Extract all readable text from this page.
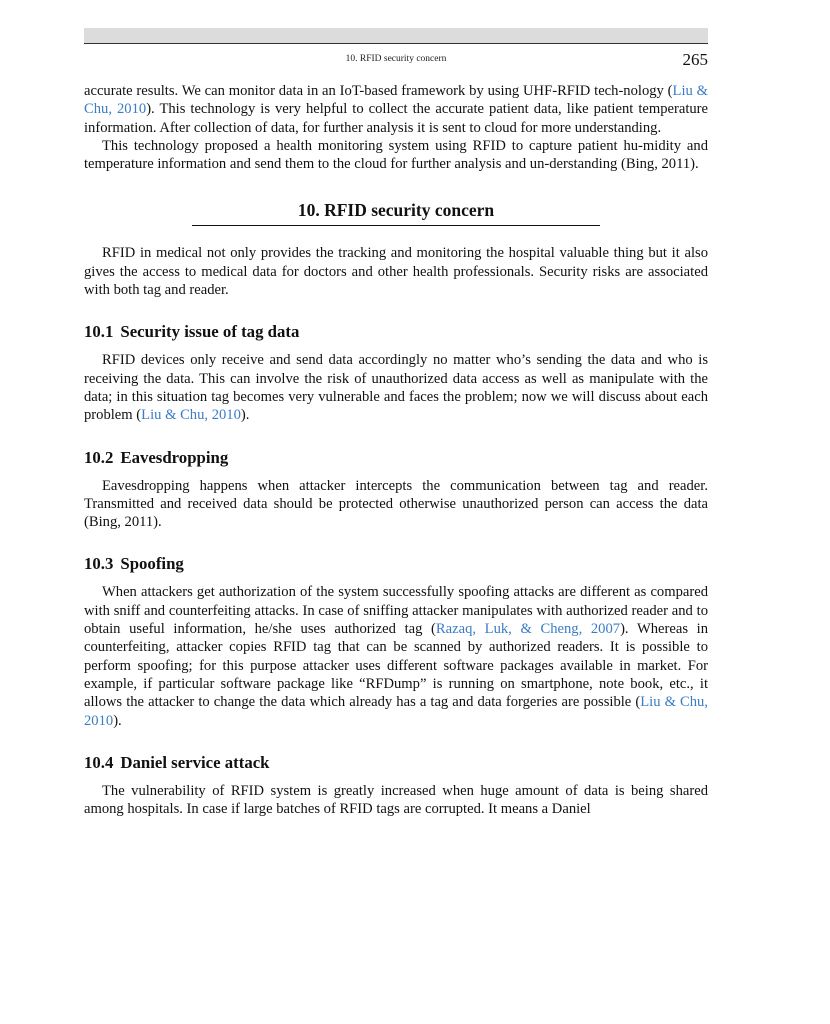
10. RFID security concern	265

accurate results. We can monitor data in an IoT-based framework by using UHF-RFID tech-nology (Liu & Chu, 2010). This technology is very helpful to collect the accurate patient data, like patient temperature information. After collection of data, for further analysis it is sent to cloud for more understanding.

This technology proposed a health monitoring system using RFID to capture patient hu-midity and temperature information and send them to the cloud for further analysis and un-derstanding (Bing, 2011).

10. RFID security concern

RFID in medical not only provides the tracking and monitoring the hospital valuable thing but it also gives the access to medical data for doctors and other health professionals. Security risks are associated with both tag and reader.

10.1 Security issue of tag data

RFID devices only receive and send data accordingly no matter who’s sending the data and who is receiving the data. This can involve the risk of unauthorized data access as well as manipulate with the data; in this situation tag becomes very vulnerable and faces the problem; now we will discuss about each problem (Liu & Chu, 2010).

10.2 Eavesdropping

Eavesdropping happens when attacker intercepts the communication between tag and reader. Transmitted and received data should be protected otherwise unauthorized person can access the data (Bing, 2011).

10.3 Spoofing

When attackers get authorization of the system successfully spoofing attacks are different as compared with sniff and counterfeiting attacks. In case of sniffing attacker manipulates with authorized reader and to obtain useful information, he/she uses authorized tag (Razaq, Luk, & Cheng, 2007). Whereas in counterfeiting, attacker copies RFID tag that can be scanned by authorized readers. It is possible to perform spoofing; for this purpose attacker uses different software packages available in market. For example, if particular software package like “RFDump” is running on smartphone, note book, etc., it allows the attacker to change the data which already has a tag and data forgeries are possible (Liu & Chu, 2010).

10.4 Daniel service attack

The vulnerability of RFID system is greatly increased when huge amount of data is being shared among hospitals. In case if large batches of RFID tags are corrupted. It means a Daniel
